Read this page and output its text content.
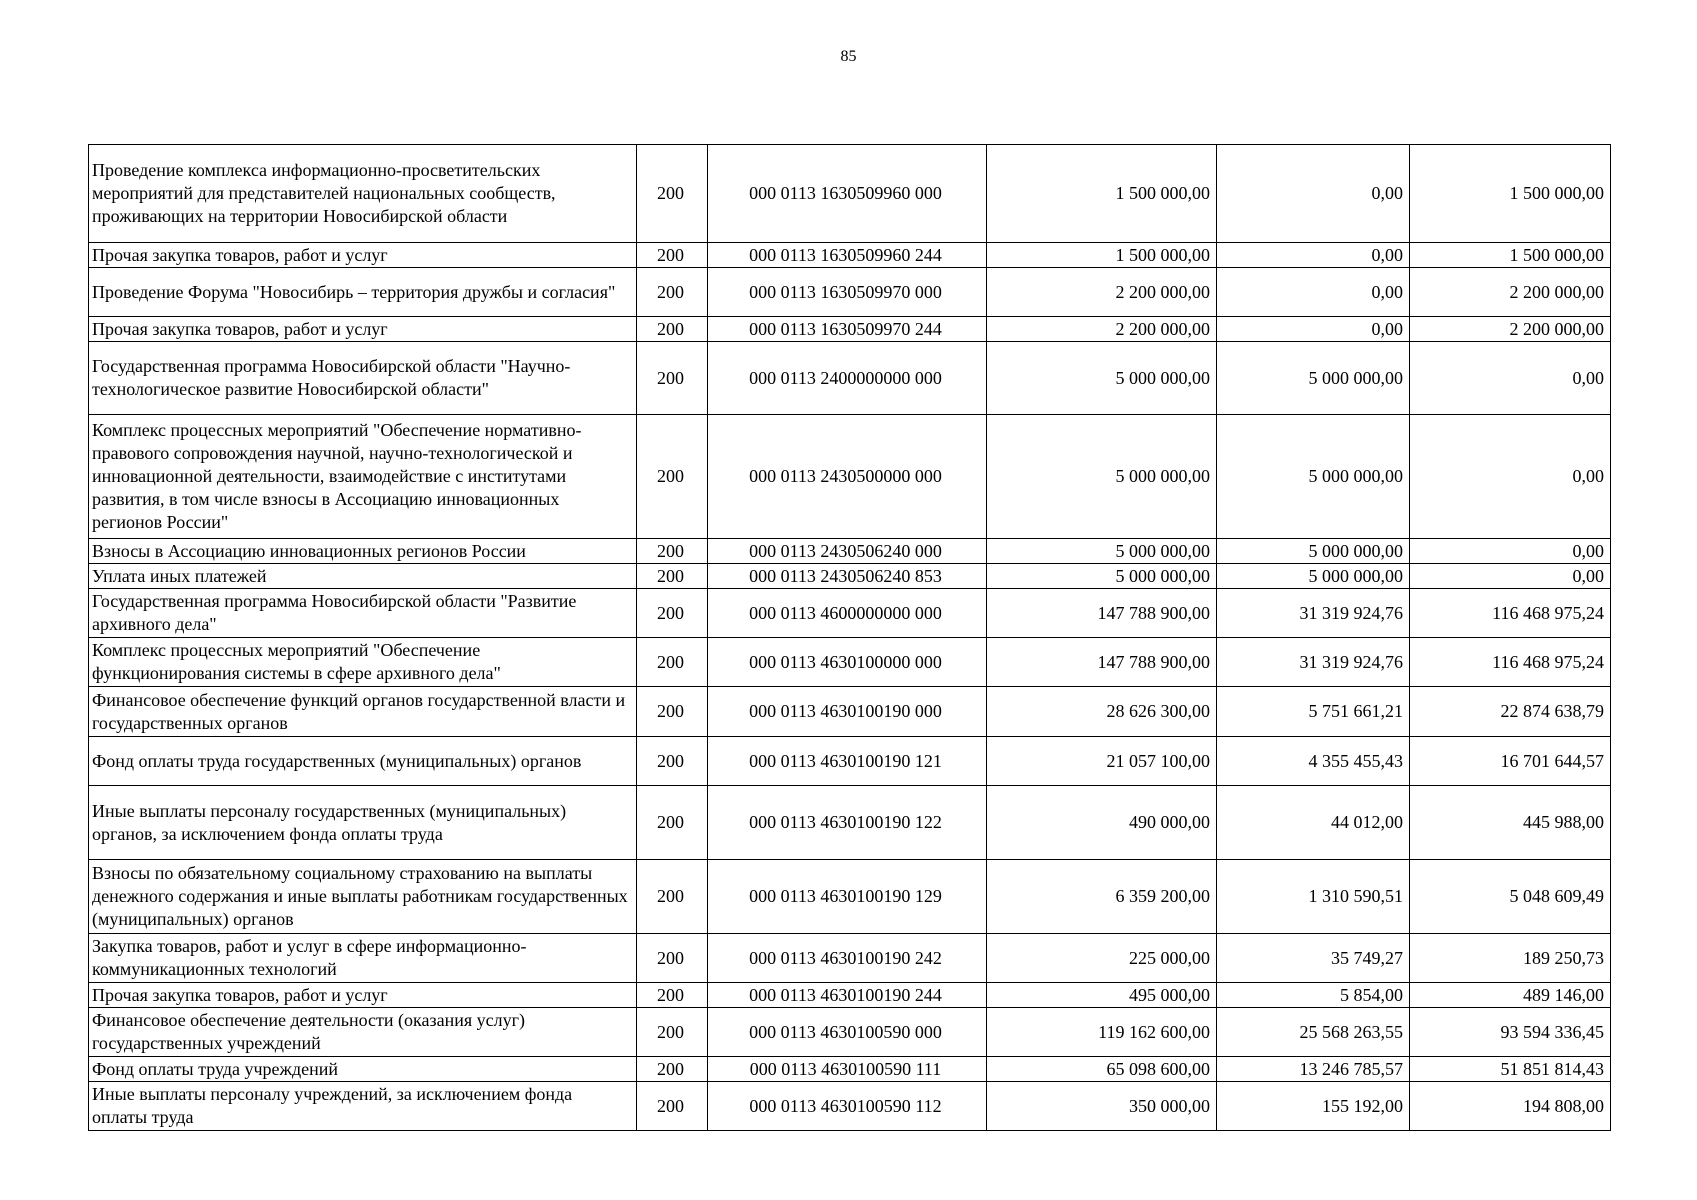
85
Проведение комплекса информационно-просветительских мероприятий для представителей национальных сообществ, проживающих на территории Новосибирской области	200	000 0113 1630509960 000	1 500 000,00	0,00	1 500 000,00
Прочая закупка товаров, работ и услуг	200	000 0113 1630509960 244	1 500 000,00	0,00	1 500 000,00
Проведение Форума "Новосибирь – территория дружбы и согласия"	200	000 0113 1630509970 000	2 200 000,00	0,00	2 200 000,00
Прочая закупка товаров, работ и услуг	200	000 0113 1630509970 244	2 200 000,00	0,00	2 200 000,00
Государственная программа Новосибирской области "Научно-технологическое развитие Новосибирской области"	200	000 0113 2400000000 000	5 000 000,00	5 000 000,00	0,00
Комплекс процессных мероприятий "Обеспечение нормативно-правового сопровождения научной, научно-технологической и инновационной деятельности, взаимодействие с институтами развития, в том числе взносы в Ассоциацию инновационных регионов России"	200	000 0113 2430500000 000	5 000 000,00	5 000 000,00	0,00
Взносы в Ассоциацию инновационных регионов России	200	000 0113 2430506240 000	5 000 000,00	5 000 000,00	0,00
Уплата иных платежей	200	000 0113 2430506240 853	5 000 000,00	5 000 000,00	0,00
Государственная программа Новосибирской области "Развитие архивного дела"	200	000 0113 4600000000 000	147 788 900,00	31 319 924,76	116 468 975,24
Комплекс процессных мероприятий "Обеспечение функционирования системы в сфере архивного дела"	200	000 0113 4630100000 000	147 788 900,00	31 319 924,76	116 468 975,24
Финансовое обеспечение функций органов государственной власти и государственных органов	200	000 0113 4630100190 000	28 626 300,00	5 751 661,21	22 874 638,79
Фонд оплаты труда государственных (муниципальных) органов	200	000 0113 4630100190 121	21 057 100,00	4 355 455,43	16 701 644,57
Иные выплаты персоналу государственных (муниципальных) органов, за исключением фонда оплаты труда	200	000 0113 4630100190 122	490 000,00	44 012,00	445 988,00
Взносы по обязательному социальному страхованию на выплаты денежного содержания и иные выплаты работникам государственных (муниципальных) органов	200	000 0113 4630100190 129	6 359 200,00	1 310 590,51	5 048 609,49
Закупка товаров, работ и услуг в сфере информационно-коммуникационных технологий	200	000 0113 4630100190 242	225 000,00	35 749,27	189 250,73
Прочая закупка товаров, работ и услуг	200	000 0113 4630100190 244	495 000,00	5 854,00	489 146,00
Финансовое обеспечение деятельности (оказания услуг) государственных учреждений	200	000 0113 4630100590 000	119 162 600,00	25 568 263,55	93 594 336,45
Фонд оплаты труда учреждений	200	000 0113 4630100590 111	65 098 600,00	13 246 785,57	51 851 814,43
Иные выплаты персоналу учреждений, за исключением фонда оплаты труда	200	000 0113 4630100590 112	350 000,00	155 192,00	194 808,00
